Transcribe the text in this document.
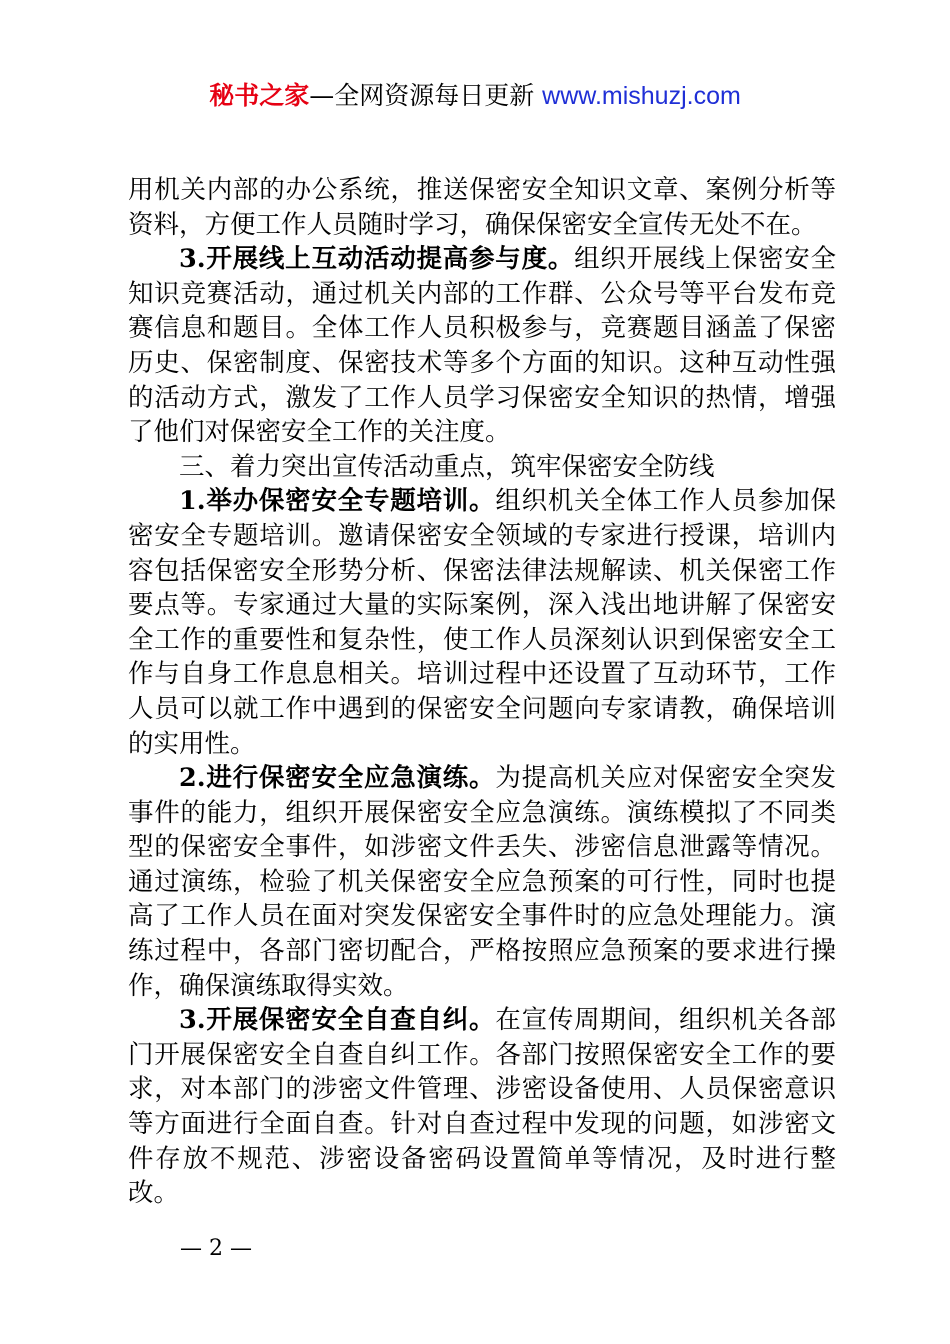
秘书之家—全网资源每日更新 www.mishuzj.com

用机关内部的办公系统，推送保密安全知识文章、案例分析等资料，方便工作人员随时学习，确保保密安全宣传无处不在。

3.开展线上互动活动提高参与度。组织开展线上保密安全知识竞赛活动，通过机关内部的工作群、公众号等平台发布竞赛信息和题目。全体工作人员积极参与，竞赛题目涵盖了保密历史、保密制度、保密技术等多个方面的知识。这种互动性强的活动方式，激发了工作人员学习保密安全知识的热情，增强了他们对保密安全工作的关注度。

三、着力突出宣传活动重点，筑牢保密安全防线

1.举办保密安全专题培训。组织机关全体工作人员参加保密安全专题培训。邀请保密安全领域的专家进行授课，培训内容包括保密安全形势分析、保密法律法规解读、机关保密工作要点等。专家通过大量的实际案例，深入浅出地讲解了保密安全工作的重要性和复杂性，使工作人员深刻认识到保密安全工作与自身工作息息相关。培训过程中还设置了互动环节，工作人员可以就工作中遇到的保密安全问题向专家请教，确保培训的实用性。

2.进行保密安全应急演练。为提高机关应对保密安全突发事件的能力，组织开展保密安全应急演练。演练模拟了不同类型的保密安全事件，如涉密文件丢失、涉密信息泄露等情况。通过演练，检验了机关保密安全应急预案的可行性，同时也提高了工作人员在面对突发保密安全事件时的应急处理能力。演练过程中，各部门密切配合，严格按照应急预案的要求进行操作，确保演练取得实效。

3.开展保密安全自查自纠。在宣传周期间，组织机关各部门开展保密安全自查自纠工作。各部门按照保密安全工作的要求，对本部门的涉密文件管理、涉密设备使用、人员保密意识等方面进行全面自查。针对自查过程中发现的问题，如涉密文件存放不规范、涉密设备密码设置简单等情况，及时进行整改。

— 2 —
